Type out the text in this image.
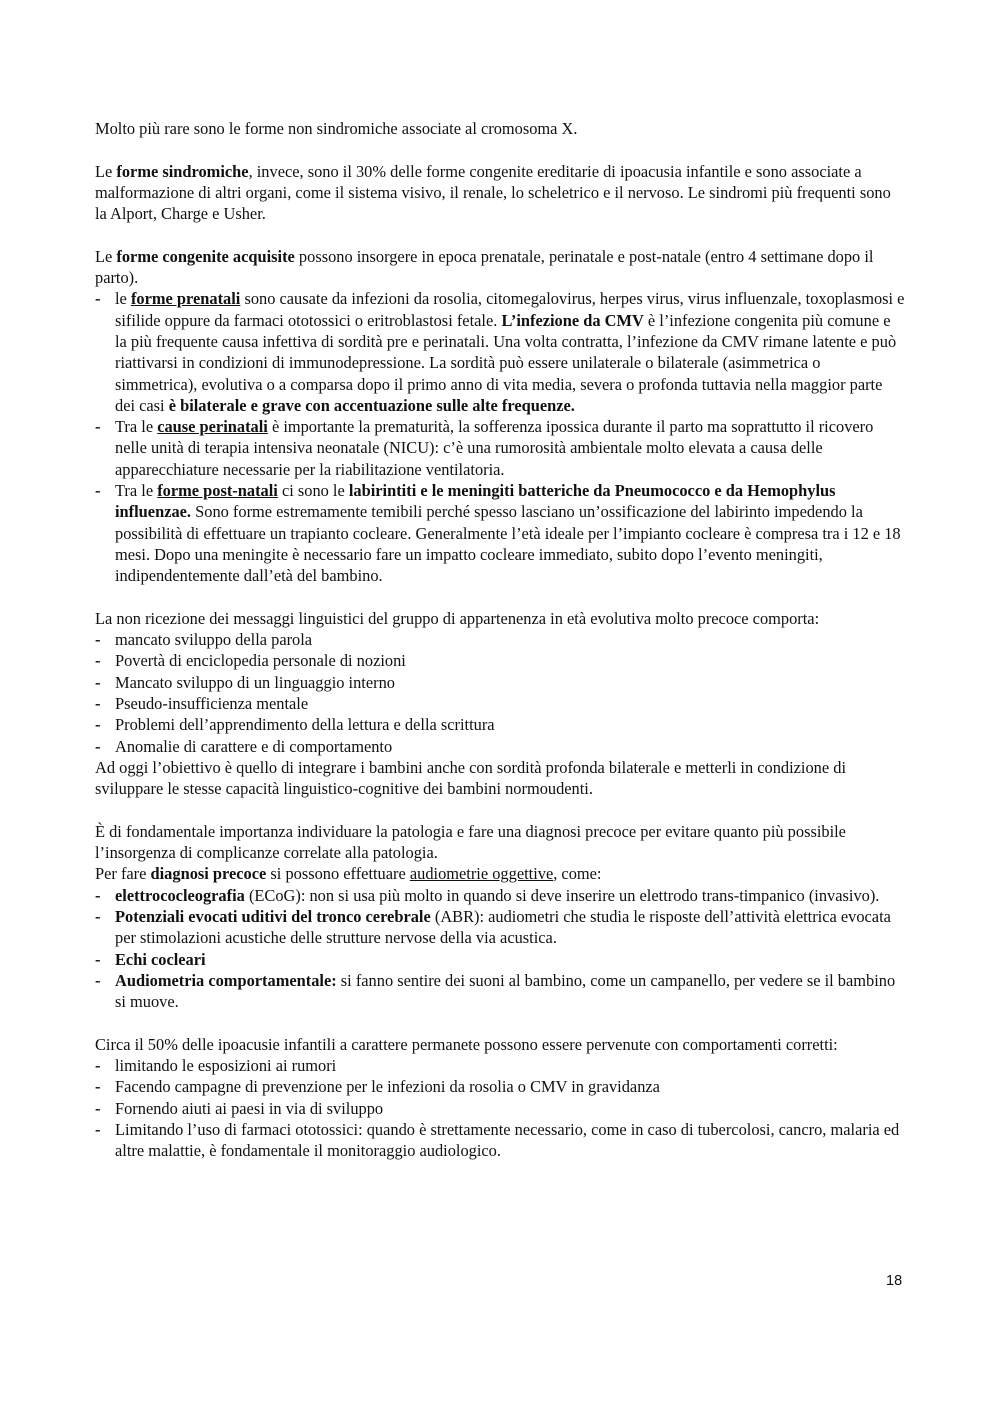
Molto più rare sono le forme non sindromiche associate al cromosoma X.

Le forme sindromiche, invece, sono il 30% delle forme congenite ereditarie di ipoacusia infantile e sono associate a malformazione di altri organi, come il sistema visivo, il renale, lo scheletrico e il nervoso. Le sindromi più frequenti sono la Alport, Charge e Usher.

Le forme congenite acquisite possono insorgere in epoca prenatale, perinatale e post-natale (entro 4 settimane dopo il parto).

- le forme prenatali sono causate da infezioni da rosolia, citomegalovirus, herpes virus, virus influenzale, toxoplasmosi e sifilide oppure da farmaci ototossici o eritroblastosi fetale. L’infezione da CMV è l’infezione congenita più comune e la più frequente causa infettiva di sordità pre e perinatali. Una volta contratta, l’infezione da CMV rimane latente e può riattivarsi in condizioni di immunodepressione. La sordità può essere unilaterale o bilaterale (asimmetrica o simmetrica), evolutiva o a comparsa dopo il primo anno di vita media, severa o profonda tuttavia nella maggior parte dei casi è bilaterale e grave con accentuazione sulle alte frequenze.
- Tra le cause perinatali è importante la prematurità, la sofferenza ipossica durante il parto ma soprattutto il ricovero nelle unità di terapia intensiva neonatale (NICU): c’è una rumorosità ambientale molto elevata a causa delle apparecchiature necessarie per la riabilitazione ventilatoria.
- Tra le forme post-natali ci sono le labirintiti e le meningiti batteriche da Pneumococco e da Hemophylus influenzae. Sono forme estremamente temibili perché spesso lasciano un’ossificazione del labirinto impedendo la possibilità di effettuare un trapianto cocleare. Generalmente l’età ideale per l’impianto cocleare è compresa tra i 12 e 18 mesi. Dopo una meningite è necessario fare un impatto cocleare immediato, subito dopo l’evento meningiti, indipendentemente dall’età del bambino.

La non ricezione dei messaggi linguistici del gruppo di appartenenza in età evolutiva molto precoce comporta:

- mancato sviluppo della parola
- Povertà di enciclopedia personale di nozioni
- Mancato sviluppo di un linguaggio interno
- Pseudo-insufficienza mentale
- Problemi dell’apprendimento della lettura e della scrittura
- Anomalie di carattere e di comportamento

Ad oggi l’obiettivo è quello di integrare i bambini anche con sordità profonda bilaterale e metterli in condizione di sviluppare le stesse capacità linguistico-cognitive dei bambini normoudenti.

È di fondamentale importanza individuare la patologia e fare una diagnosi precoce per evitare quanto più possibile l’insorgenza di complicanze correlate alla patologia.

Per fare diagnosi precoce si possono effettuare audiometrie oggettive, come:

- elettrococleografia (ECoG): non si usa più molto in quando si deve inserire un elettrodo trans-timpanico (invasivo).
- Potenziali evocati uditivi del tronco cerebrale (ABR): audiometri che studia le risposte dell’attività elettrica evocata per stimolazioni acustiche delle strutture nervose della via acustica.
- Echi cocleari
- Audiometria comportamentale: si fanno sentire dei suoni al bambino, come un campanello, per vedere se il bambino si muove.

Circa il 50% delle ipoacusie infantili a carattere permanete possono essere pervenute con comportamenti corretti:

- limitando le esposizioni ai rumori
- Facendo campagne di prevenzione per le infezioni da rosolia o CMV in gravidanza
- Fornendo aiuti ai paesi in via di sviluppo
- Limitando l’uso di farmaci ototossici: quando è strettamente necessario, come in caso di tubercolosi, cancro, malaria ed altre malattie, è fondamentale il monitoraggio audiologico.
18
